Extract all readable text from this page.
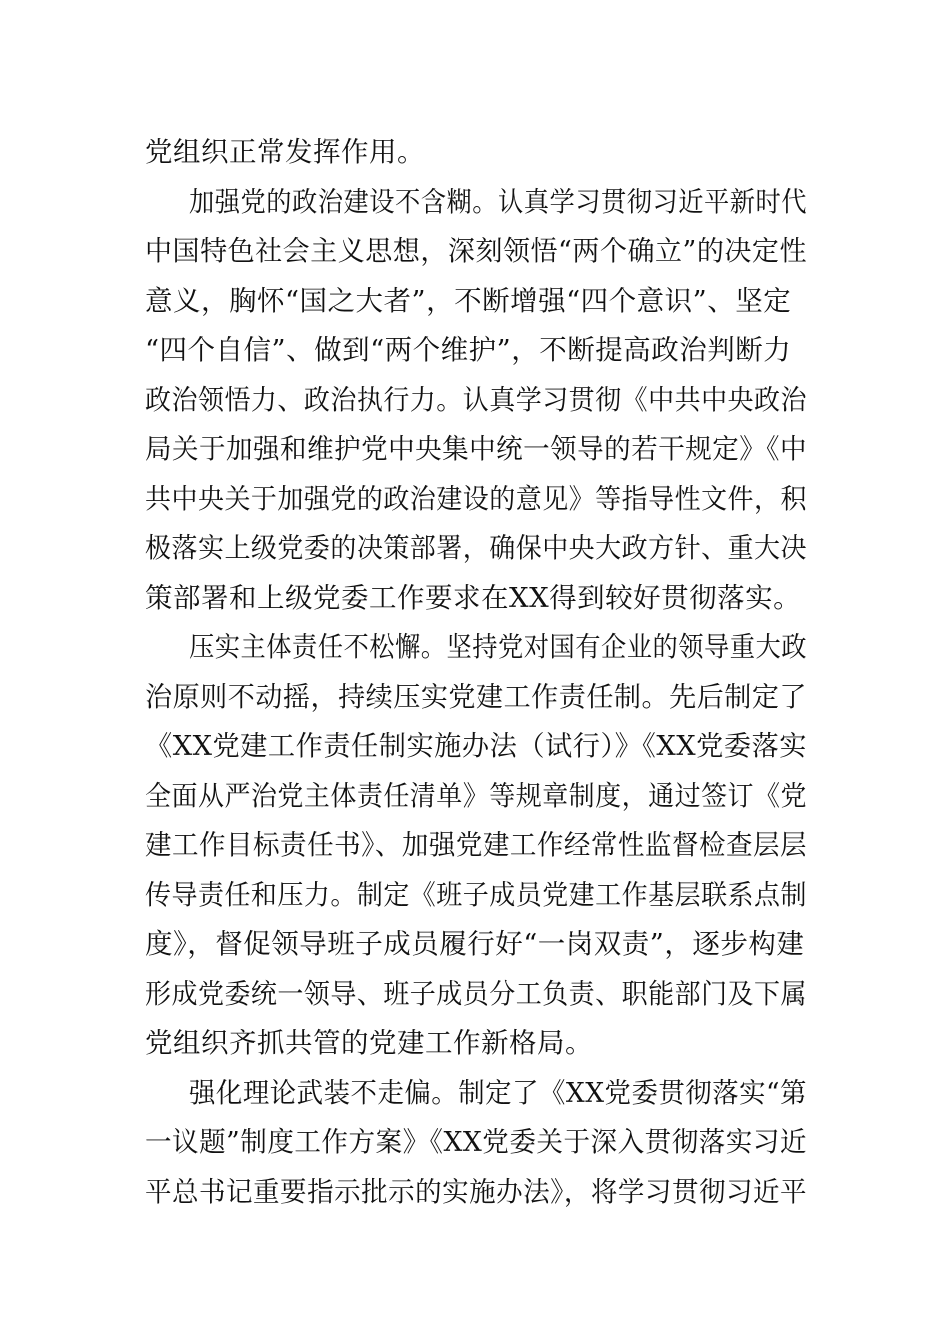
党组织正常发挥作用。
加强党的政治建设不含糊。认真学习贯彻习近平新时代
中国特色社会主义思想，深刻领悟“两个确立”的决定性
意义，胸怀“国之大者”，不断增强“四个意识”、坚定
“四个自信”、做到“两个维护”，不断提高政治判断力
政治领悟力、政治执行力。认真学习贯彻《中共中央政治
局关于加强和维护党中央集中统一领导的若干规定》《中
共中央关于加强党的政治建设的意见》等指导性文件，积
极落实上级党委的决策部署，确保中央大政方针、重大决
策部署和上级党委工作要求在XX得到较好贯彻落实。
压实主体责任不松懈。坚持党对国有企业的领导重大政
治原则不动摇，持续压实党建工作责任制。先后制定了
《XX党建工作责任制实施办法（试行）》《XX党委落实
全面从严治党主体责任清单》等规章制度，通过签订《党
建工作目标责任书》、加强党建工作经常性监督检查层层
传导责任和压力。制定《班子成员党建工作基层联系点制
度》，督促领导班子成员履行好“一岗双责”，逐步构建
形成党委统一领导、班子成员分工负责、职能部门及下属
党组织齐抓共管的党建工作新格局。
强化理论武装不走偏。制定了《XX党委贯彻落实“第
一议题”制度工作方案》《XX党委关于深入贯彻落实习近
平总书记重要指示批示的实施办法》，将学习贯彻习近平
